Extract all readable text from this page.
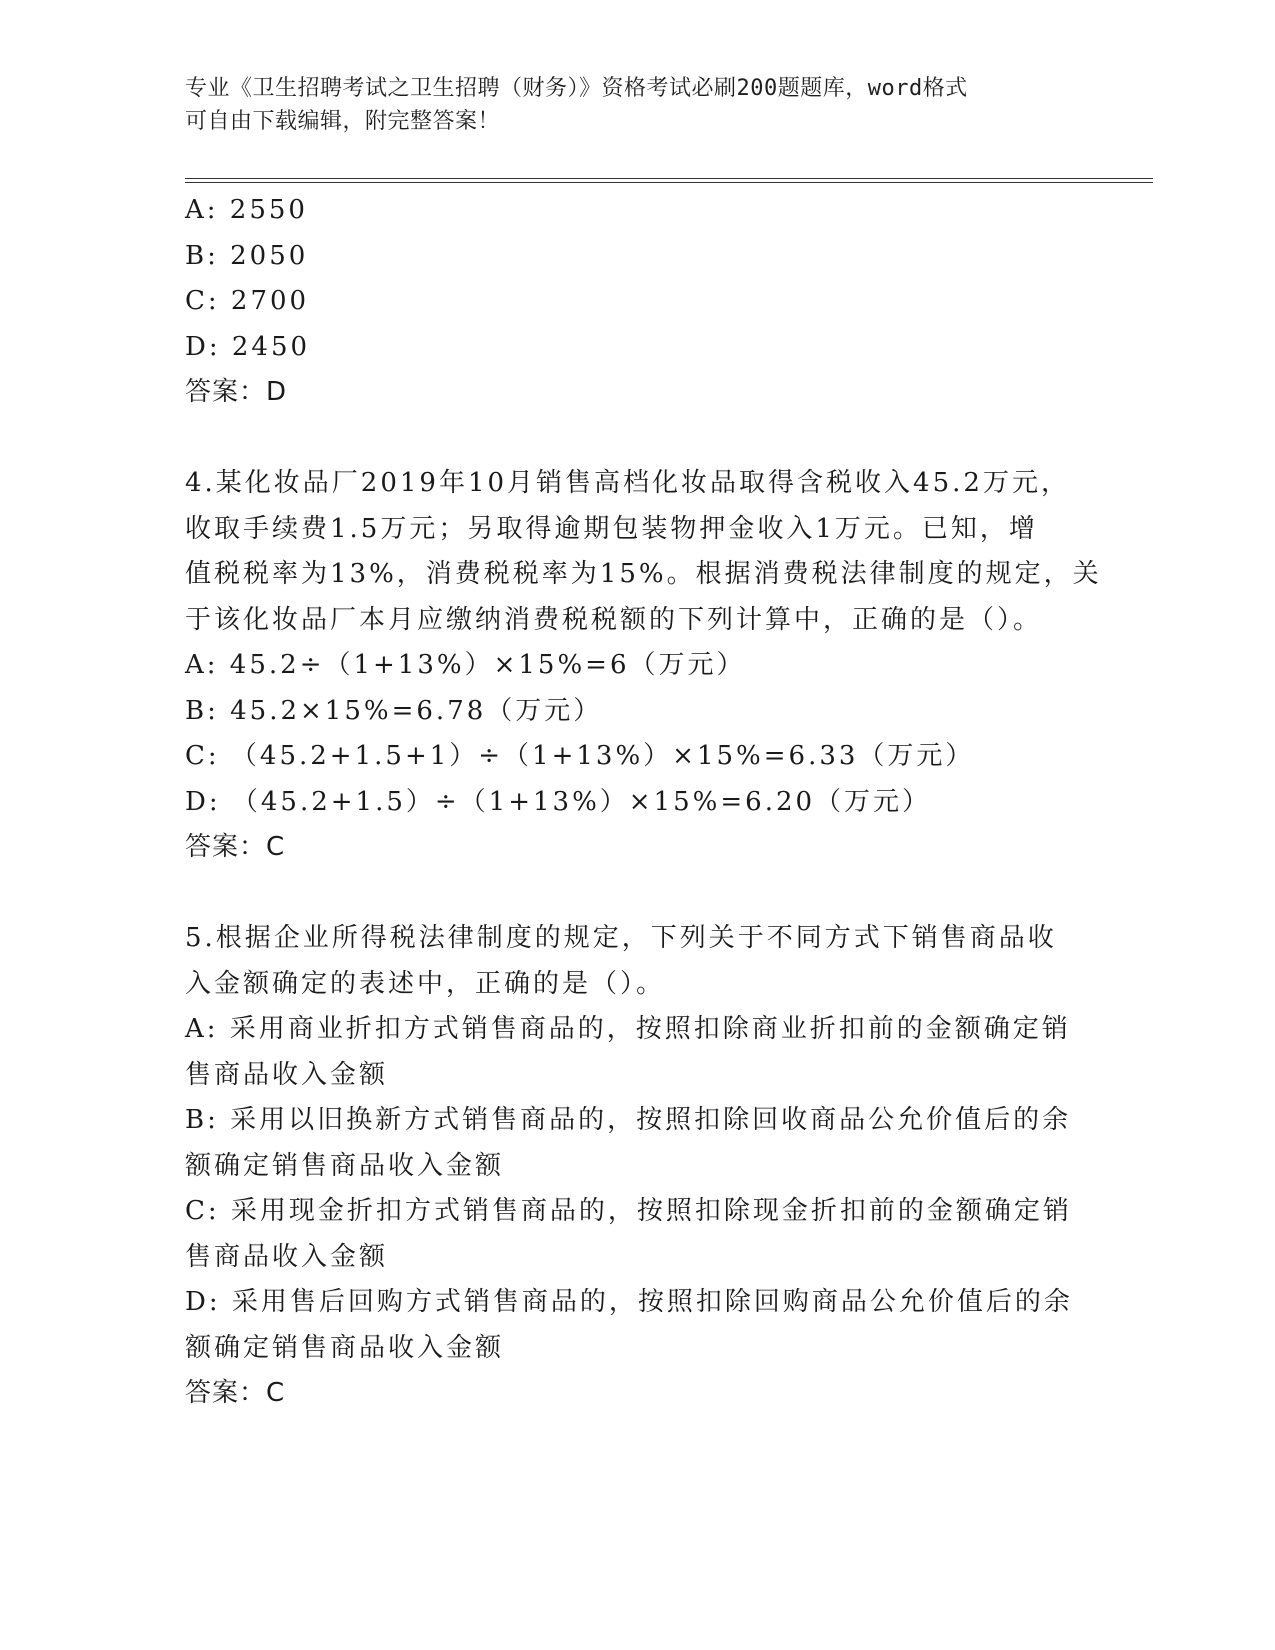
专业《卫生招聘考试之卫生招聘（财务）》资格考试必刷200题题库，word格式
可自由下载编辑，附完整答案！
A: 2550
B: 2050
C: 2700
D: 2450
答案：D
4.某化妆品厂2019年10月销售高档化妆品取得含税收入45.2万元，
收取手续费1.5万元；另取得逾期包装物押金收入1万元。已知，增
值税税率为13%，消费税税率为15%。根据消费税法律制度的规定，关
于该化妆品厂本月应缴纳消费税税额的下列计算中，正确的是（）。
A: 45.2÷（1+13%）×15%=6（万元）
B: 45.2×15%=6.78（万元）
C: （45.2+1.5+1）÷（1+13%）×15%=6.33（万元）
D: （45.2+1.5）÷（1+13%）×15%=6.20（万元）
答案：C
5.根据企业所得税法律制度的规定，下列关于不同方式下销售商品收
入金额确定的表述中，正确的是（）。
A: 采用商业折扣方式销售商品的，按照扣除商业折扣前的金额确定销
售商品收入金额
B: 采用以旧换新方式销售商品的，按照扣除回收商品公允价值后的余
额确定销售商品收入金额
C: 采用现金折扣方式销售商品的，按照扣除现金折扣前的金额确定销
售商品收入金额
D: 采用售后回购方式销售商品的，按照扣除回购商品公允价值后的余
额确定销售商品收入金额
答案：C
